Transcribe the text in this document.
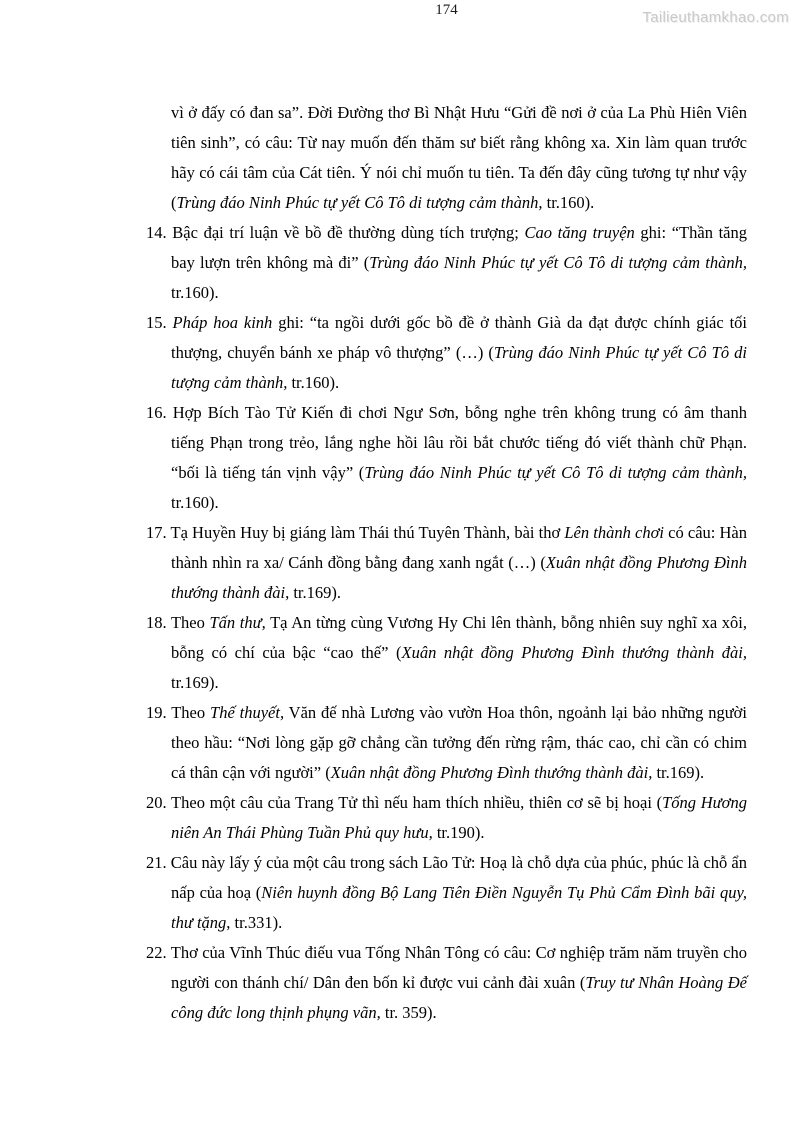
174	Tailieuthamkhao.com

vì ở đấy có đan sa”. Đời Đường thơ Bì Nhật Hưu “Gửi đề nơi ở của La Phù Hiên Viên tiên sinh”, có câu: Từ nay muốn đến thăm sư biết rằng không xa. Xin làm quan trước hãy có cái tâm của Cát tiên. Ý nói chỉ muốn tu tiên. Ta đến đây cũng tương tự như vậy (Trùng đáo Ninh Phúc tự yết Cô Tô di tượng cảm thành, tr.160).

14. Bậc đại trí luận về bồ đề thường dùng tích trượng; Cao tăng truyện ghi: “Thần tăng bay lượn trên không mà đi” (Trùng đáo Ninh Phúc tự yết Cô Tô di tượng cảm thành, tr.160).

15. Pháp hoa kinh ghi: “ta ngồi dưới gốc bồ đề ở thành Già da đạt được chính giác tối thượng, chuyển bánh xe pháp vô thượng” (…) (Trùng đáo Ninh Phúc tự yết Cô Tô di tượng cảm thành, tr.160).

16. Hợp Bích Tào Tử Kiến đi chơi Ngư Sơn, bỗng nghe trên không trung có âm thanh tiếng Phạn trong trẻo, lắng nghe hồi lâu rồi bắt chước tiếng đó viết thành chữ Phạn. “bối là tiếng tán vịnh vậy” (Trùng đáo Ninh Phúc tự yết Cô Tô di tượng cảm thành, tr.160).

17. Tạ Huyền Huy bị giáng làm Thái thú Tuyên Thành, bài thơ Lên thành chơi có câu: Hàn thành nhìn ra xa/ Cánh đồng bằng đang xanh ngắt (…) (Xuân nhật đồng Phương Đình thướng thành đài, tr.169).

18. Theo Tấn thư, Tạ An từng cùng Vương Hy Chi lên thành, bỗng nhiên suy nghĩ xa xôi, bỗng có chí của bậc “cao thế” (Xuân nhật đồng Phương Đình thướng thành đài, tr.169).

19. Theo Thế thuyết, Văn đế nhà Lương vào vườn Hoa thôn, ngoảnh lại bảo những người theo hầu: “Nơi lòng gặp gỡ chẳng cần tưởng đến rừng rậm, thác cao, chỉ cần có chim cá thân cận với người” (Xuân nhật đồng Phương Đình thướng thành đài, tr.169).

20. Theo một câu của Trang Tử thì nếu ham thích nhiều, thiên cơ sẽ bị hoại (Tống Hương niên An Thái Phùng Tuần Phủ quy hưu, tr.190).

21. Câu này lấy ý của một câu trong sách Lão Tử: Hoạ là chỗ dựa của phúc, phúc là chỗ ẩn nấp của hoạ (Niên huynh đồng Bộ Lang Tiên Điền Nguyễn Tụ Phủ Cẩm Đình bãi quy, thư tặng, tr.331).

22. Thơ của Vĩnh Thúc điếu vua Tống Nhân Tông có câu: Cơ nghiệp trăm năm truyền cho người con thánh chí/ Dân đen bốn kỉ được vui cảnh đài xuân (Truy tư Nhân Hoàng Đế công đức long thịnh phụng vãn, tr. 359).
